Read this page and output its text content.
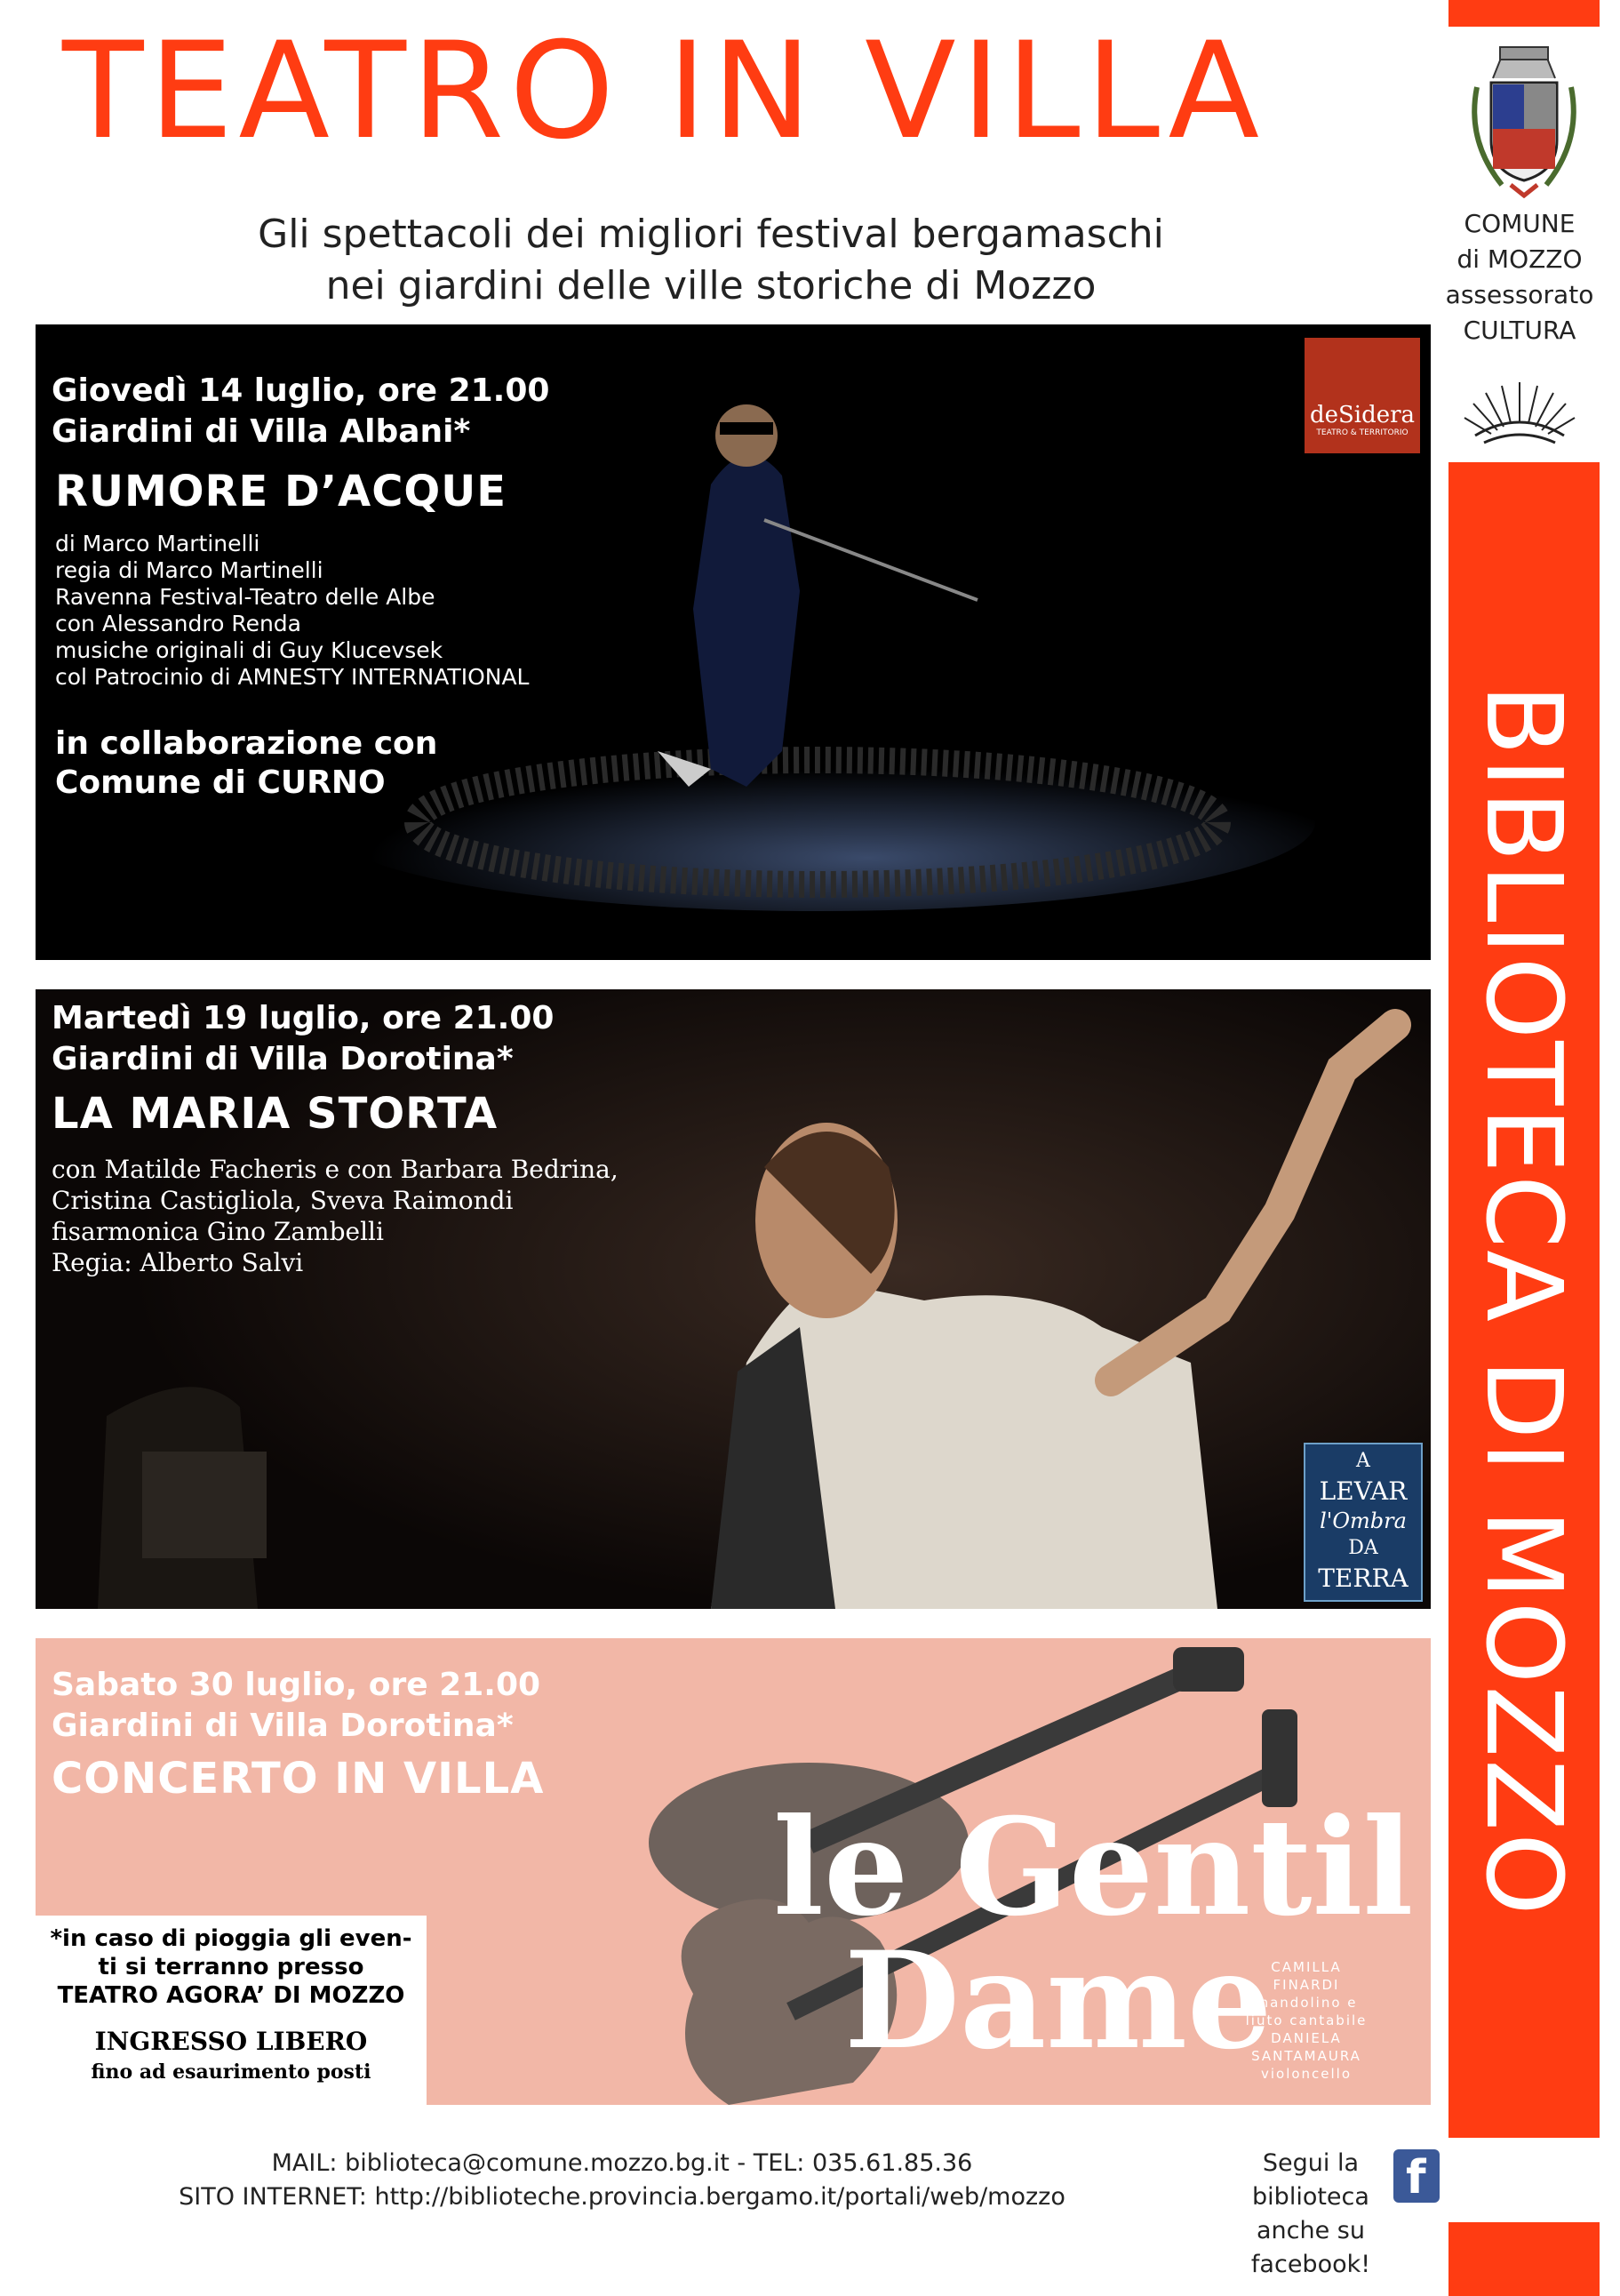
TEATRO IN VILLA
Gli spettacoli dei migliori festival bergamaschi
nei giardini delle ville storiche di Mozzo
COMUNE
di MOZZO
assessorato
CULTURA
BIBLIOTECA DI MOZZO
Giovedì 14 luglio, ore 21.00
Giardini di Villa Albani*
RUMORE D’ACQUE
di Marco Martinelli
regia di Marco Martinelli
Ravenna Festival-Teatro delle Albe
con Alessandro Renda
musiche originali di Guy Klucevsek
col Patrocinio di AMNESTY INTERNATIONAL
in collaborazione con
Comune di CURNO
deSidera
TEATRO & TERRITORIO
Martedì 19 luglio, ore 21.00
Giardini di Villa Dorotina*
LA MARIA STORTA
con Matilde Facheris e con Barbara Bedrina,
Cristina Castigliola, Sveva Raimondi
fisarmonica Gino Zambelli
Regia: Alberto Salvi
A
LEVAR
l'Ombra
DA
TERRA
le Gentil
Dame
CAMILLA
FINARDI
mandolino e
liuto cantabile
DANIELA
SANTAMAURA
violoncello
Sabato 30 luglio, ore 21.00
Giardini di Villa Dorotina*
CONCERTO IN VILLA
*in caso di pioggia gli even-
ti si terranno presso
TEATRO AGORA’ DI MOZZO
INGRESSO LIBERO
fino ad esaurimento posti
MAIL: biblioteca@comune.mozzo.bg.it - TEL: 035.61.85.36
SITO INTERNET: http://biblioteche.provincia.bergamo.it/portali/web/mozzo
Segui la biblioteca
anche su facebook!
f
